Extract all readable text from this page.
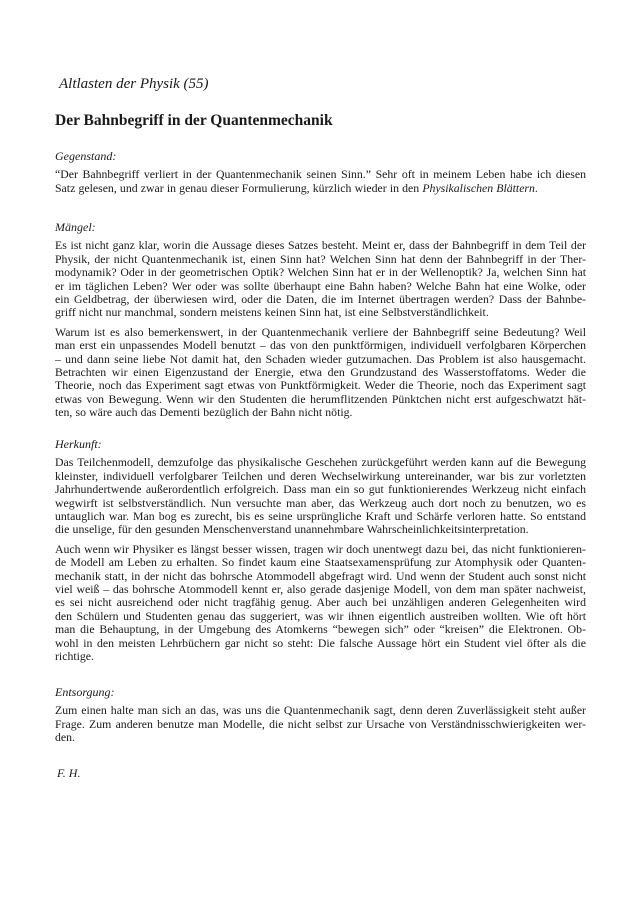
Altlasten der Physik (55)
Der Bahnbegriff in der Quantenmechanik
Gegenstand:
“Der Bahnbegriff verliert in der Quantenmechanik seinen Sinn.” Sehr oft in meinem Leben habe ich diesen
Satz gelesen, und zwar in genau dieser Formulierung, kürzlich wieder in den Physikalischen Blättern.
Mängel:
Es ist nicht ganz klar, worin die Aussage dieses Satzes besteht. Meint er, dass der Bahnbegriff in dem Teil der
Physik, der nicht Quantenmechanik ist, einen Sinn hat? Welchen Sinn hat denn der Bahnbegriff in der Ther-
modynamik? Oder in der geometrischen Optik? Welchen Sinn hat er in der Wellenoptik? Ja, welchen Sinn hat
er im täglichen Leben? Wer oder was sollte überhaupt eine Bahn haben? Welche Bahn hat eine Wolke, oder
ein Geldbetrag, der überwiesen wird, oder die Daten, die im Internet übertragen werden? Dass der Bahnbe-
griff nicht nur manchmal, sondern meistens keinen Sinn hat, ist eine Selbstverständlichkeit.
Warum ist es also bemerkenswert, in der Quantenmechanik verliere der Bahnbegriff seine Bedeutung? Weil
man erst ein unpassendes Modell benutzt – das von den punktförmigen, individuell verfolgbaren Körperchen
– und dann seine liebe Not damit hat, den Schaden wieder gutzumachen. Das Problem ist also hausgemacht.
Betrachten wir einen Eigenzustand der Energie, etwa den Grundzustand des Wasserstoffatoms. Weder die
Theorie, noch das Experiment sagt etwas von Punktförmigkeit. Weder die Theorie, noch das Experiment sagt
etwas von Bewegung. Wenn wir den Studenten die herumflitzenden Pünktchen nicht erst aufgeschwatzt hät-
ten, so wäre auch das Dementi bezüglich der Bahn nicht nötig.
Herkunft:
Das Teilchenmodell, demzufolge das physikalische Geschehen zurückgeführt werden kann auf die Bewegung
kleinster, individuell verfolgbarer Teilchen und deren Wechselwirkung untereinander, war bis zur vorletzten
Jahrhundertwende außerordentlich erfolgreich. Dass man ein so gut funktionierendes Werkzeug nicht einfach
wegwirft ist selbstverständlich. Nun versuchte man aber, das Werkzeug auch dort noch zu benutzen, wo es
untauglich war. Man bog es zurecht, bis es seine ursprüngliche Kraft und Schärfe verloren hatte. So entstand
die unselige, für den gesunden Menschenverstand unannehmbare Wahrscheinlichkeitsinterpretation.
Auch wenn wir Physiker es längst besser wissen, tragen wir doch unentwegt dazu bei, das nicht funktionieren-
de Modell am Leben zu erhalten. So findet kaum eine Staatsexamensprüfung zur Atomphysik oder Quanten-
mechanik statt, in der nicht das bohrsche Atommodell abgefragt wird. Und wenn der Student auch sonst nicht
viel weiß – das bohrsche Atommodell kennt er, also gerade dasjenige Modell, von dem man später nachweist,
es sei nicht ausreichend oder nicht tragfähig genug. Aber auch bei unzähligen anderen Gelegenheiten wird
den Schülern und Studenten genau das suggeriert, was wir ihnen eigentlich austreiben wollten. Wie oft hört
man die Behauptung, in der Umgebung des Atomkerns “bewegen sich” oder “kreisen” die Elektronen. Ob-
wohl in den meisten Lehrbüchern gar nicht so steht: Die falsche Aussage hört ein Student viel öfter als die
richtige.
Entsorgung:
Zum einen halte man sich an das, was uns die Quantenmechanik sagt, denn deren Zuverlässigkeit steht außer
Frage. Zum anderen benutze man Modelle, die nicht selbst zur Ursache von Verständnisschwierigkeiten wer-
den.
F. H.
